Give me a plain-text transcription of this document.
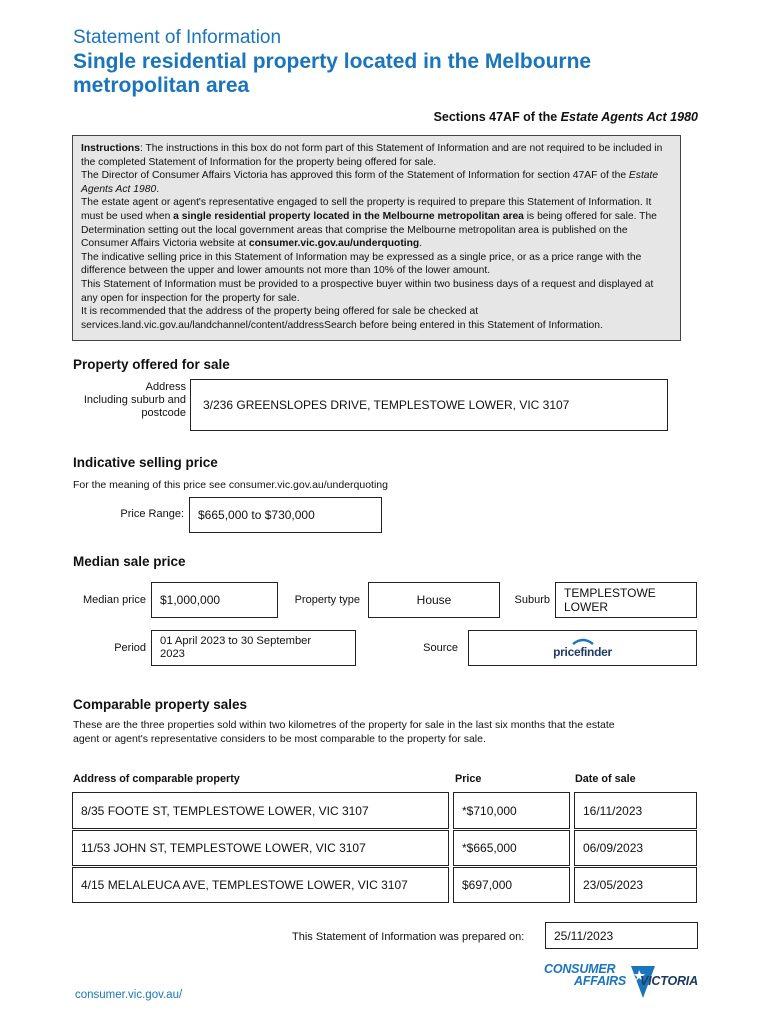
Statement of Information
Single residential property located in the Melbourne
metropolitan area
Sections 47AF of the Estate Agents Act 1980

Instructions: The instructions in this box do not form part of this Statement of Information and are not required to be included in the completed Statement of Information for the property being offered for sale.

The Director of Consumer Affairs Victoria has approved this form of the Statement of Information for section 47AF of the Estate Agents Act 1980.

The estate agent or agent's representative engaged to sell the property is required to prepare this Statement of Information. It must be used when a single residential property located in the Melbourne metropolitan area is being offered for sale. The Determination setting out the local government areas that comprise the Melbourne metropolitan area is published on the Consumer Affairs Victoria website at consumer.vic.gov.au/underquoting.

The indicative selling price in this Statement of Information may be expressed as a single price, or as a price range with the difference between the upper and lower amounts not more than 10% of the lower amount.

This Statement of Information must be provided to a prospective buyer within two business days of a request and displayed at any open for inspection for the property for sale.

It is recommended that the address of the property being offered for sale be checked at services.land.vic.gov.au/landchannel/content/addressSearch before being entered in this Statement of Information.

Property offered for sale
Address
Including suburb and
postcode
3/236 GREENSLOPES DRIVE, TEMPLESTOWE LOWER, VIC 3107
Indicative selling price
For the meaning of this price see consumer.vic.gov.au/underquoting
Price Range:	$665,000 to $730,000
Median sale price
Median price	$1,000,000	Property type	House	Suburb TEMPLESTOWE
LOWER
Period
01 April 2023 to 30 September
2023	Source	pricefinder
Comparable property sales
These are the three properties sold within two kilometres of the property for sale in the last six months that the estate
agent or agent's representative considers to be most comparable to the property for sale.
Address of comparable property	Price	Date of sale
8/35 FOOTE ST, TEMPLESTOWE LOWER, VIC 3107	*$710,000	16/11/2023
11/53 JOHN ST, TEMPLESTOWE LOWER, VIC 3107	*$665,000	06/09/2023
4/15 MELALEUCA AVE, TEMPLESTOWE LOWER, VIC 3107	$697,000	23/05/2023
This Statement of Information was prepared on:	25/11/2023
consumer.vic.gov.au/
CONSUMER
AFFAIRS VICTORIA
